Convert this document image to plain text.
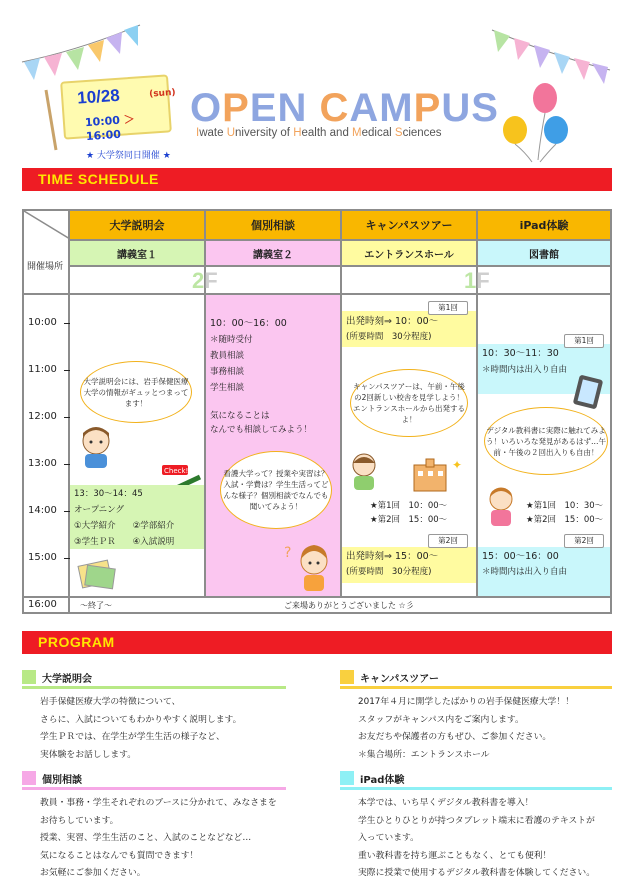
10/28	(sun)
10:00 ＞ 16:00
★ 大学祭同日開催 ★
OPEN CAMPUS
Iwate University of Health and Medical Sciences
TIME SCHEDULE
大学説明会	個別相談	キャンパスツアー	iPad体験
開催場所
講義室１	講義室２	エントランスホール	図書館
2F	1F
10:00
11:00
12:00
13:00
14:00
15:00
16:00
大学説明会には、岩手保健医療大学の情報がギュッとつまってます！
Check!
13：30～14：45
オープニング
①大学紹介　　②学部紹介
③学生ＰＲ　　④入試説明
10：00～16：00
＊随時受付
教員相談
事務相談
学生相談
気になることは
なんでも相談してみよう！
看護大学って？授業や実習は？入試・学費は？学生生活ってどんな様子？個別相談でなんでも聞いてみよう！
?
第1回
出発時刻⇒ 10：00～
(所要時間　30分程度)
キャンパスツアーは、午前・午後の2回新しい校舎を見学しよう！エントランスホールから出発するよ！
✦
★第1回　10：00～
★第2回　15：00～
第2回
出発時刻⇒ 15：00～
(所要時間　30分程度)
第1回
10：30～11：30
＊時間内は出入り自由
デジタル教科書に実際に触れてみよう！いろいろな発見があるはず…午前・午後の２回出入りも自由！
★第1回　10：30～
★第2回　15：00～
第2回
15：00～16：00
＊時間内は出入り自由
～終了～	ご来場ありがとうございました ☆彡
PROGRAM
大学説明会
岩手保健医療大学の特徴について、
さらに、入試についてもわかりやすく説明します。
学生ＰＲでは、在学生が学生生活の様子など、
実体験をお話しします。
キャンパスツアー
2017年４月に開学したばかりの岩手保健医療大学！！
スタッフがキャンパス内をご案内します。
お友だちや保護者の方もぜひ、ご参加ください。
＊集合場所：エントランスホール
個別相談
教員・事務・学生それぞれのブースに分かれて、みなさまを
お待ちしています。
授業、実習、学生生活のこと、入試のことなどなど…
気になることはなんでも質問できます！
お気軽にご参加ください。
iPad体験
本学では、いち早くデジタル教科書を導入！
学生ひとりひとりが持つタブレット端末に看護のテキストが
入っています。
重い教科書を持ち運ぶこともなく、とても便利！
実際に授業で使用するデジタル教科書を体験してください。
